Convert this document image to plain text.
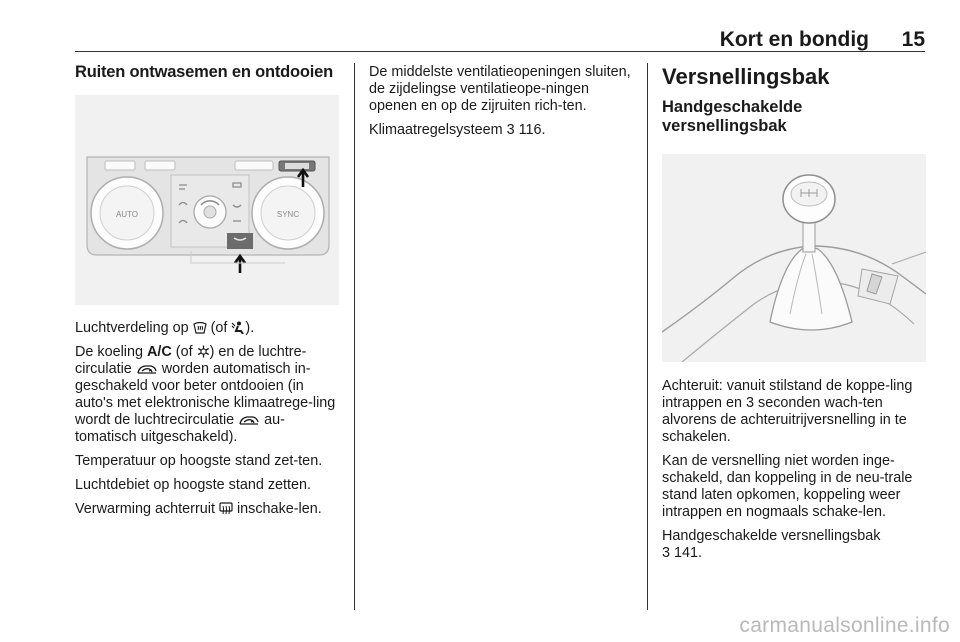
Kort en bondig 15
Ruiten ontwasemen en ontdooien
AUTO	SYNC

Luchtverdeling op  (of ).

De koeling A/C (of ) en de luchtre-circulatie  worden automatisch in-geschakeld voor beter ontdooien (in auto's met elektronische klimaatrege-ling wordt de luchtrecirculatie  au-tomatisch uitgeschakeld).

Temperatuur op hoogste stand zet-ten.

Luchtdebiet op hoogste stand zetten.

Verwarming achterruit  inschake-len.

De middelste ventilatieopeningen sluiten, de zijdelingse ventilatieope-ningen openen en op de zijruiten rich-ten.

Klimaatregelsysteem 3 116.

Versnellingsbak
Handgeschakelde versnellingsbak

Achteruit: vanuit stilstand de koppe-ling intrappen en 3 seconden wach-ten alvorens de achteruitrijversnelling in te schakelen.

Kan de versnelling niet worden inge-schakeld, dan koppeling in de neu-trale stand laten opkomen, koppeling weer intrappen en nogmaals schake-len.

Handgeschakelde versnellingsbak
3 141.

carmanualsonline.info
